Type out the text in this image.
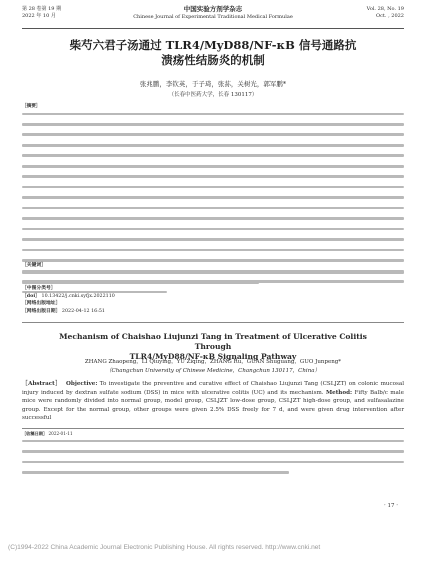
第 28 卷第 19 期
2022 年 10 月
中国实验方剂学杂志
Chinese Journal of Experimental Traditional Medical Formulae
Vol. 28, No. 19
Oct. , 2022
柴芍六君子汤通过 TLR4/MyD88/NF-κB 信号通路抗
溃疡性结肠炎的机制
张兆鹏，李钦英，于子琦，张荪，关树光，郭军鹏*
（长春中医药大学，长春 130117）
［摘要］
［关键词］
［中图分类号］
［doi］ 10.13422/j.cnki.syfjx.2022110
［网络出版地址］
［网络出版日期］ 2022-04-12 16:51
Mechanism of Chaishao Liujunzi Tang in Treatment of Ulcerative Colitis Through
TLR4/MyD88/NF-κB Signaling Pathway
ZHANG Zhaopeng，LI Qiuying，YU Ziqing，ZHANG Ru，GUAN Shuguang，GUO Junpeng*
（Changchun University of Chinese Medicine，Changchun 130117，China）
［Abstract］ Objective: To investigate the preventive and curative effect of Chaishao Liujunzi Tang (CSLJZT) on colonic mucosal injury induced by dextran sulfate sodium (DSS) in mice with ulcerative colitis (UC) and its mechanism. Method: Fifty Balb/c male mice were randomly divided into normal group, model group, CSLJZT low-dose group, CSLJZT high-dose group, and sulfasalazine group. Except for the normal group, other groups were given 2.5% DSS freely for 7 d, and were given drug intervention after successful
［收稿日期］ 2022-01-11
· 17 ·
(C)1994-2022 China Academic Journal Electronic Publishing House. All rights reserved. http://www.cnki.net
